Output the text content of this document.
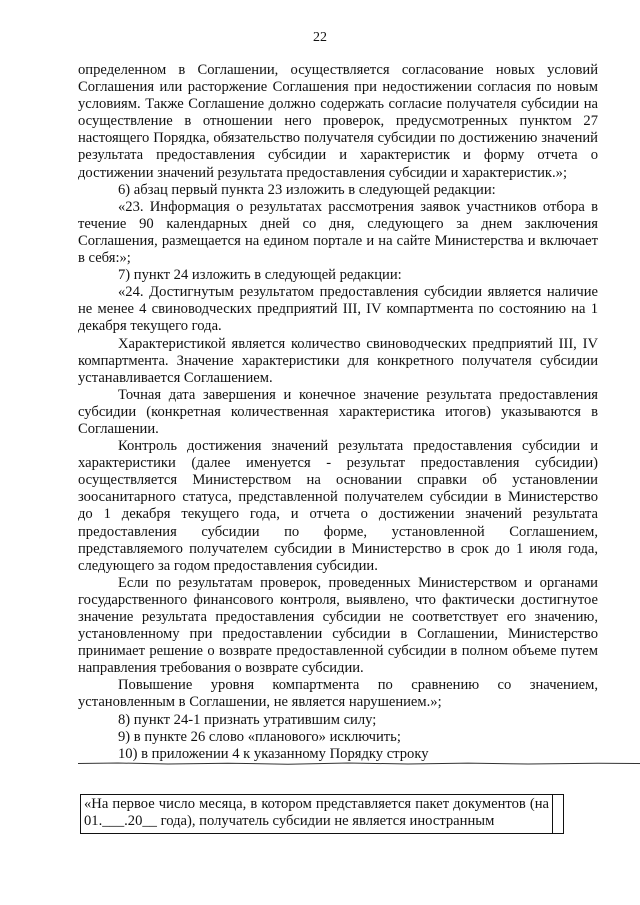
22

определенном в Соглашении, осуществляется согласование новых условий Соглашения или расторжение Соглашения при недостижении согласия по новым условиям. Также Соглашение должно содержать согласие получателя субсидии на осуществление в отношении него проверок, предусмотренных пунктом 27 настоящего Порядка, обязательство получателя субсидии по достижению значений результата предоставления субсидии и характеристик и форму отчета о достижении значений результата предоставления субсидии и характеристик.»;

6) абзац первый пункта 23 изложить в следующей редакции:

«23. Информация о результатах рассмотрения заявок участников отбора в течение 90 календарных дней со дня, следующего за днем заключения Соглашения, размещается на едином портале и на сайте Министерства и включает в себя:»;

7) пункт 24 изложить в следующей редакции:

«24. Достигнутым результатом предоставления субсидии является наличие не менее 4 свиноводческих предприятий III, IV компартмента по состоянию на 1 декабря текущего года.

Характеристикой является количество свиноводческих предприятий III, IV компартмента. Значение характеристики для конкретного получателя субсидии устанавливается Соглашением.

Точная дата завершения и конечное значение результата предоставления субсидии (конкретная количественная характеристика итогов) указываются в Соглашении.

Контроль достижения значений результата предоставления субсидии и характеристики (далее именуется - результат предоставления субсидии) осуществляется Министерством на основании справки об установлении зоосанитарного статуса, представленной получателем субсидии в Министерство до 1 декабря текущего года, и отчета о достижении значений результата предоставления субсидии по форме, установленной Соглашением, представляемого получателем субсидии в Министерство в срок до 1 июля года, следующего за годом предоставления субсидии.

Если по результатам проверок, проведенных Министерством и органами государственного финансового контроля, выявлено, что фактически достигнутое значение результата предоставления субсидии не соответствует его значению, установленному при предоставлении субсидии в Соглашении, Министерство принимает решение о возврате предоставленной субсидии в полном объеме путем направления требования о возврате субсидии.

Повышение уровня компартмента по сравнению со значением, установленным в Соглашении, не является нарушением.»;

8) пункт 24-1 признать утратившим силу;

9) в пункте 26 слово «планового» исключить;

10) в приложении 4 к указанному Порядку строку
«На первое число месяца, в котором представляется пакет документов (на 01.___.20__ года), получатель субсидии не является иностранным
